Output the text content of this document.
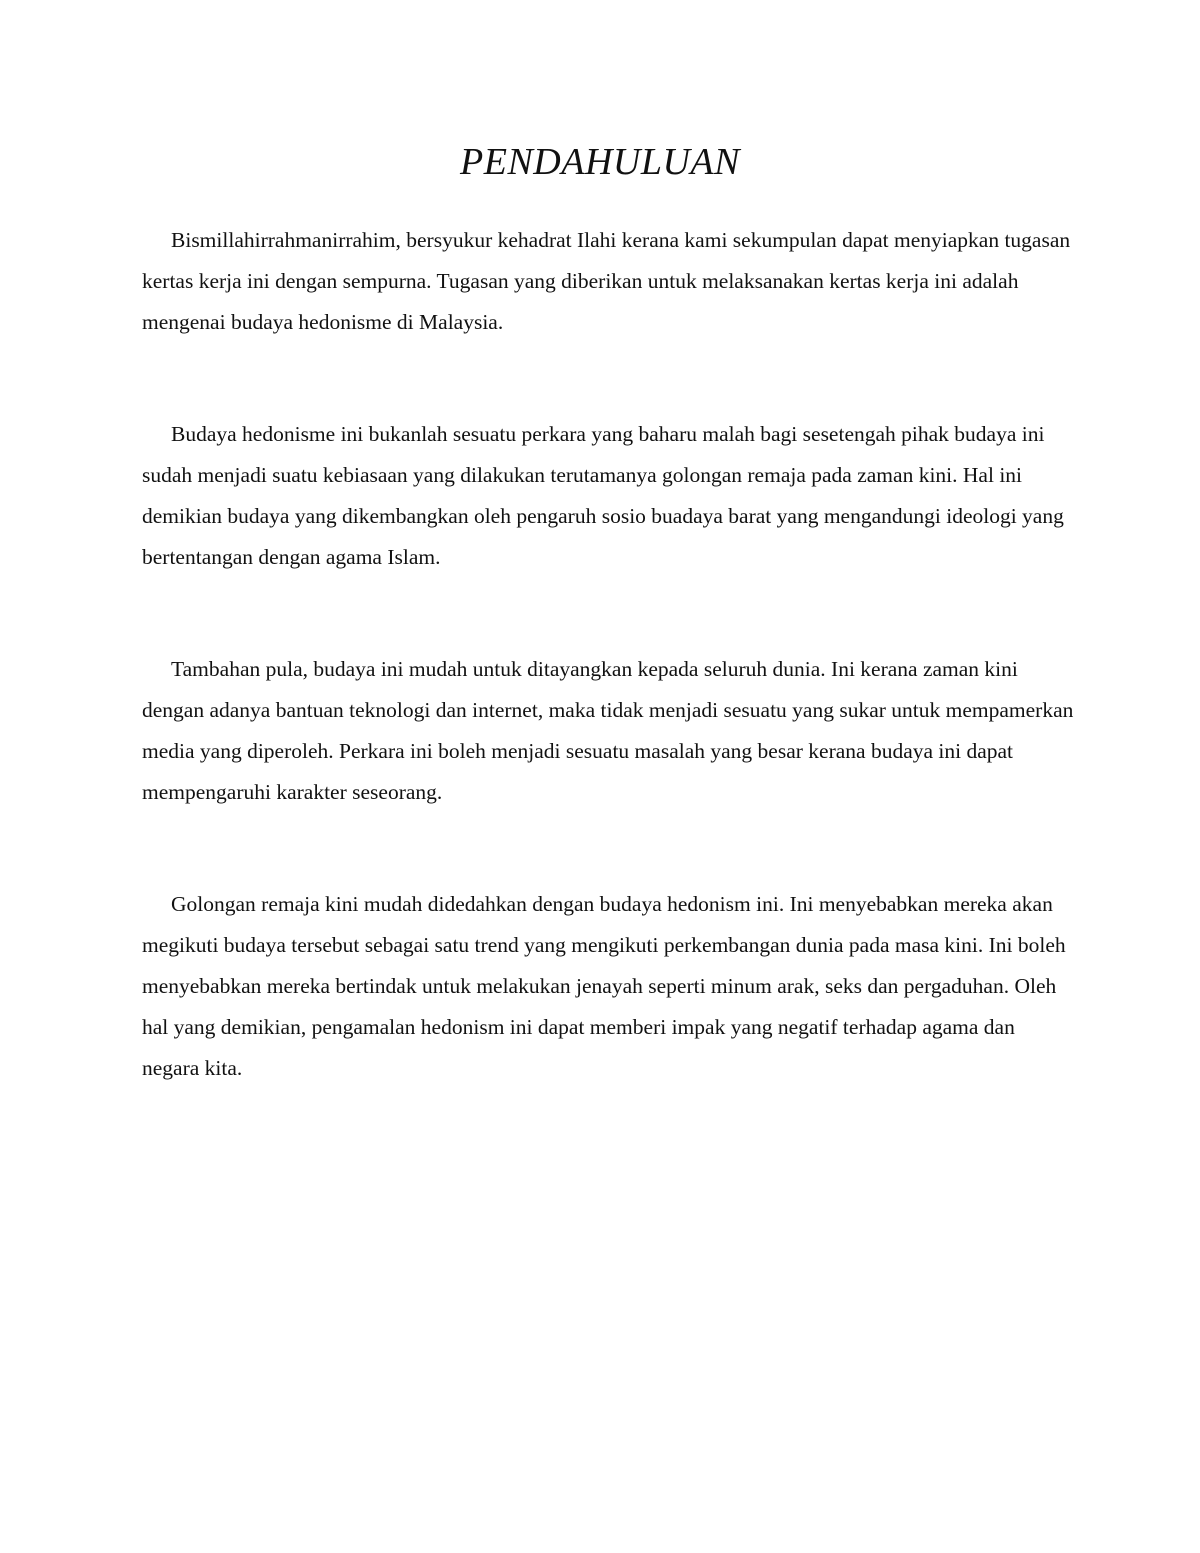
PENDAHULUAN

Bismillahirrahmanirrahim, bersyukur kehadrat Ilahi kerana kami sekumpulan dapat menyiapkan tugasan kertas kerja ini dengan sempurna. Tugasan yang diberikan untuk melaksanakan kertas kerja ini adalah mengenai budaya hedonisme di Malaysia.

Budaya hedonisme ini bukanlah sesuatu perkara yang baharu malah bagi sesetengah pihak budaya ini sudah menjadi suatu kebiasaan yang dilakukan terutamanya golongan remaja pada zaman kini. Hal ini demikian budaya yang dikembangkan oleh pengaruh sosio buadaya barat yang mengandungi ideologi yang bertentangan dengan agama Islam.

Tambahan pula, budaya ini mudah untuk ditayangkan kepada seluruh dunia. Ini kerana zaman kini dengan adanya bantuan teknologi dan internet, maka tidak menjadi sesuatu yang sukar untuk mempamerkan media yang diperoleh. Perkara ini boleh menjadi sesuatu masalah yang besar kerana budaya ini dapat mempengaruhi karakter seseorang.

Golongan remaja kini mudah didedahkan dengan budaya hedonism ini. Ini menyebabkan mereka akan megikuti budaya tersebut sebagai satu trend yang mengikuti perkembangan dunia pada masa kini. Ini boleh menyebabkan mereka bertindak untuk melakukan jenayah seperti minum arak, seks dan pergaduhan. Oleh hal yang demikian, pengamalan hedonism ini dapat memberi impak yang negatif terhadap agama dan negara kita.
